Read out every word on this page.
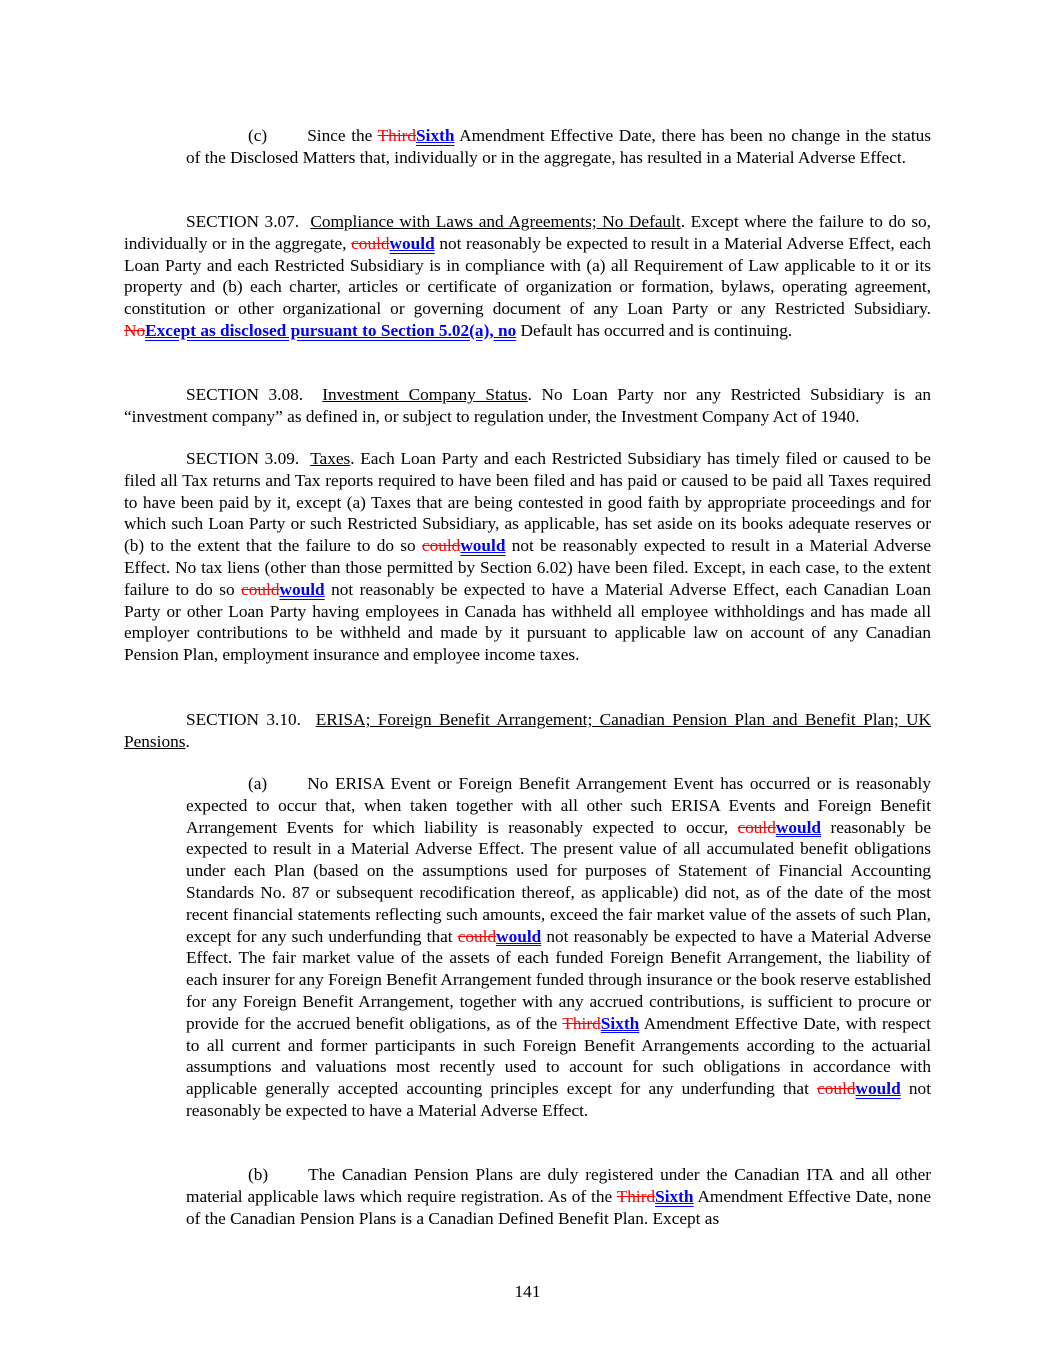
(c) Since the ThirdSixth Amendment Effective Date, there has been no change in the status of the Disclosed Matters that, individually or in the aggregate, has resulted in a Material Adverse Effect.

SECTION 3.07. Compliance with Laws and Agreements; No Default. Except where the failure to do so, individually or in the aggregate, couldwould not reasonably be expected to result in a Material Adverse Effect, each Loan Party and each Restricted Subsidiary is in compliance with (a) all Requirement of Law applicable to it or its property and (b) each charter, articles or certificate of organization or formation, bylaws, operating agreement, constitution or other organizational or governing document of any Loan Party or any Restricted Subsidiary. NoExcept as disclosed pursuant to Section 5.02(a), no Default has occurred and is continuing.

SECTION 3.08. Investment Company Status. No Loan Party nor any Restricted Subsidiary is an “investment company” as defined in, or subject to regulation under, the Investment Company Act of 1940.

SECTION 3.09. Taxes. Each Loan Party and each Restricted Subsidiary has timely filed or caused to be filed all Tax returns and Tax reports required to have been filed and has paid or caused to be paid all Taxes required to have been paid by it, except (a) Taxes that are being contested in good faith by appropriate proceedings and for which such Loan Party or such Restricted Subsidiary, as applicable, has set aside on its books adequate reserves or (b) to the extent that the failure to do so couldwould not be reasonably expected to result in a Material Adverse Effect. No tax liens (other than those permitted by Section 6.02) have been filed. Except, in each case, to the extent failure to do so couldwould not reasonably be expected to have a Material Adverse Effect, each Canadian Loan Party or other Loan Party having employees in Canada has withheld all employee withholdings and has made all employer contributions to be withheld and made by it pursuant to applicable law on account of any Canadian Pension Plan, employment insurance and employee income taxes.

SECTION 3.10. ERISA; Foreign Benefit Arrangement; Canadian Pension Plan and Benefit Plan; UK Pensions.

(a) No ERISA Event or Foreign Benefit Arrangement Event has occurred or is reasonably expected to occur that, when taken together with all other such ERISA Events and Foreign Benefit Arrangement Events for which liability is reasonably expected to occur, couldwould reasonably be expected to result in a Material Adverse Effect. The present value of all accumulated benefit obligations under each Plan (based on the assumptions used for purposes of Statement of Financial Accounting Standards No. 87 or subsequent recodification thereof, as applicable) did not, as of the date of the most recent financial statements reflecting such amounts, exceed the fair market value of the assets of such Plan, except for any such underfunding that couldwould not reasonably be expected to have a Material Adverse Effect. The fair market value of the assets of each funded Foreign Benefit Arrangement, the liability of each insurer for any Foreign Benefit Arrangement funded through insurance or the book reserve established for any Foreign Benefit Arrangement, together with any accrued contributions, is sufficient to procure or provide for the accrued benefit obligations, as of the ThirdSixth Amendment Effective Date, with respect to all current and former participants in such Foreign Benefit Arrangements according to the actuarial assumptions and valuations most recently used to account for such obligations in accordance with applicable generally accepted accounting principles except for any underfunding that couldwould not reasonably be expected to have a Material Adverse Effect.

(b) The Canadian Pension Plans are duly registered under the Canadian ITA and all other material applicable laws which require registration. As of the ThirdSixth Amendment Effective Date, none of the Canadian Pension Plans is a Canadian Defined Benefit Plan. Except as

141
